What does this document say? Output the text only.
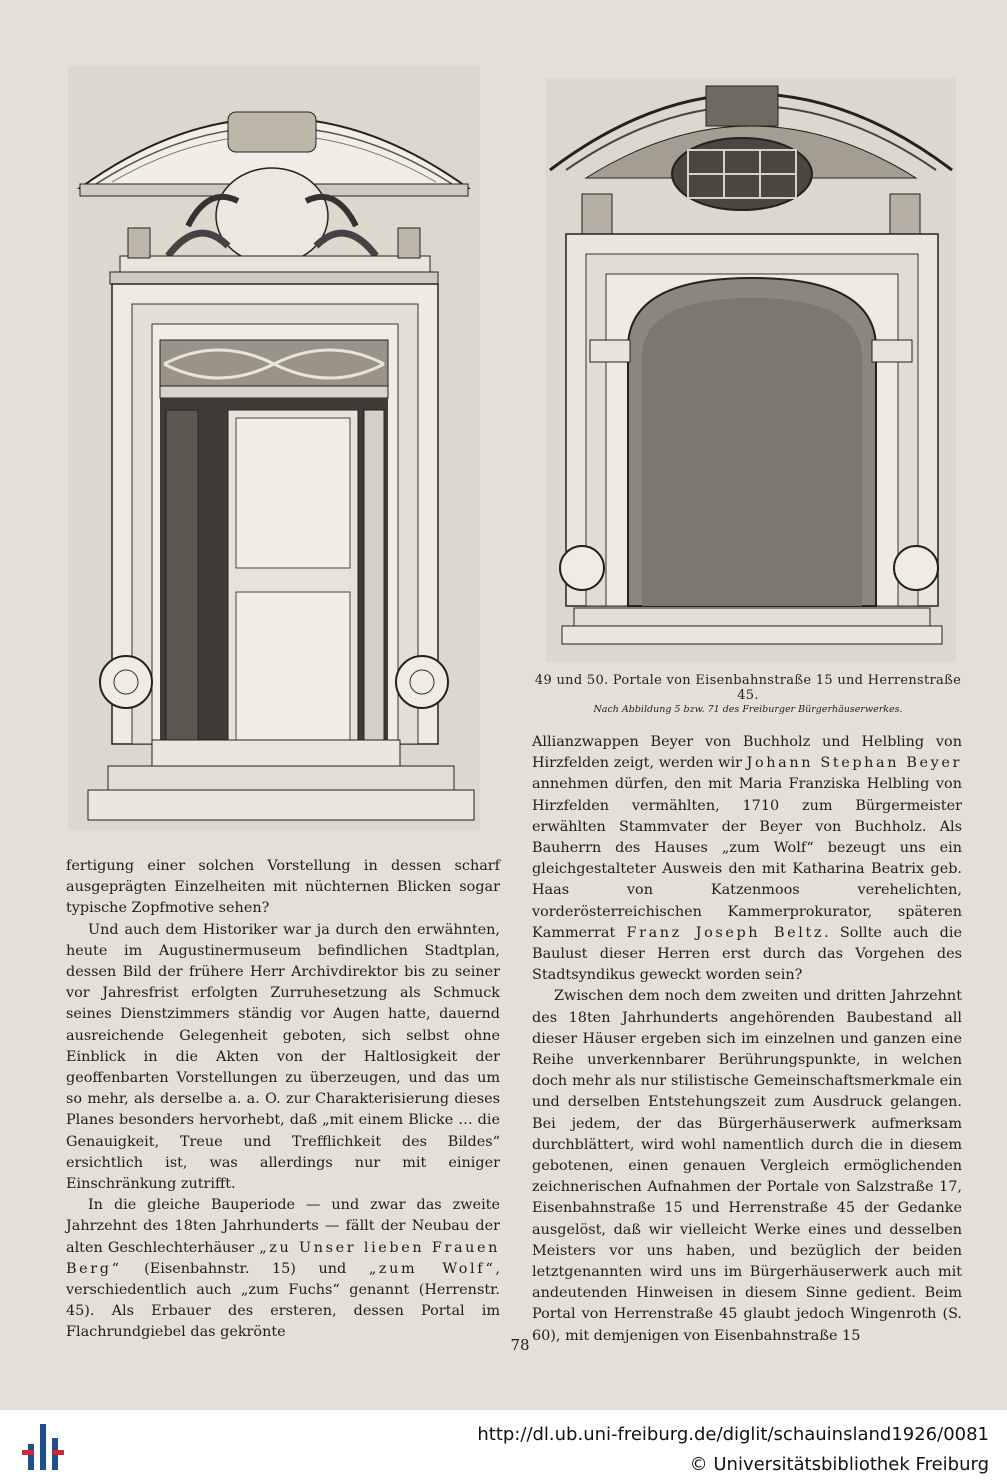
49 und 50. Portale von Eisenbahnstraße 15 und Herrenstraße 45.
Nach Abbildung 5 bzw. 71 des Freiburger Bürgerhäuserwerkes.

fertigung einer solchen Vorstellung in dessen scharf ausgeprägten Einzelheiten mit nüchternen Blicken sogar typische Zopfmotive sehen?

Und auch dem Historiker war ja durch den erwähnten, heute im Augustinermuseum befindlichen Stadtplan, dessen Bild der frühere Herr Archivdirektor bis zu seiner vor Jahresfrist erfolgten Zurruhesetzung als Schmuck seines Dienstzimmers ständig vor Augen hatte, dauernd ausreichende Gelegenheit geboten, sich selbst ohne Einblick in die Akten von der Haltlosigkeit der geoffenbarten Vorstellungen zu überzeugen, und das um so mehr, als derselbe a. a. O. zur Charakterisierung dieses Planes besonders hervorhebt, daß „mit einem Blicke … die Genauigkeit, Treue und Trefflichkeit des Bildes“ ersichtlich ist, was allerdings nur mit einiger Einschränkung zutrifft.

In die gleiche Bauperiode — und zwar das zweite Jahrzehnt des 18ten Jahrhunderts — fällt der Neubau der alten Geschlechterhäuser „zu Unser lieben Frauen Berg“ (Eisenbahnstr. 15) und „zum Wolf“, verschiedentlich auch „zum Fuchs“ genannt (Herrenstr. 45). Als Erbauer des ersteren, dessen Portal im Flachrundgiebel das gekrönte

Allianzwappen Beyer von Buchholz und Helbling von Hirzfelden zeigt, werden wir Johann Stephan Beyer annehmen dürfen, den mit Maria Franziska Helbling von Hirzfelden vermählten, 1710 zum Bürgermeister erwählten Stammvater der Beyer von Buchholz. Als Bauherrn des Hauses „zum Wolf“ bezeugt uns ein gleichgestalteter Ausweis den mit Katharina Beatrix geb. Haas von Katzenmoos verehelichten, vorderösterreichischen Kammerprokurator, späteren Kammerrat Franz Joseph Beltz. Sollte auch die Baulust dieser Herren erst durch das Vorgehen des Stadtsyndikus geweckt worden sein?

Zwischen dem noch dem zweiten und dritten Jahrzehnt des 18ten Jahrhunderts angehörenden Baubestand all dieser Häuser ergeben sich im einzelnen und ganzen eine Reihe unverkennbarer Berührungspunkte, in welchen doch mehr als nur stilistische Gemeinschaftsmerkmale ein und derselben Entstehungszeit zum Ausdruck gelangen. Bei jedem, der das Bürgerhäuserwerk aufmerksam durchblättert, wird wohl namentlich durch die in diesem gebotenen, einen genauen Vergleich ermöglichenden zeichnerischen Aufnahmen der Portale von Salzstraße 17, Eisenbahnstraße 15 und Herrenstraße 45 der Gedanke ausgelöst, daß wir vielleicht Werke eines und desselben Meisters vor uns haben, und bezüglich der beiden letztgenannten wird uns im Bürgerhäuserwerk auch mit andeutenden Hinweisen in diesem Sinne gedient. Beim Portal von Herrenstraße 45 glaubt jedoch Wingenroth (S. 60), mit demjenigen von Eisenbahnstraße 15

78
http://dl.ub.uni-freiburg.de/diglit/schauinsland1926/0081
© Universitätsbibliothek Freiburg
